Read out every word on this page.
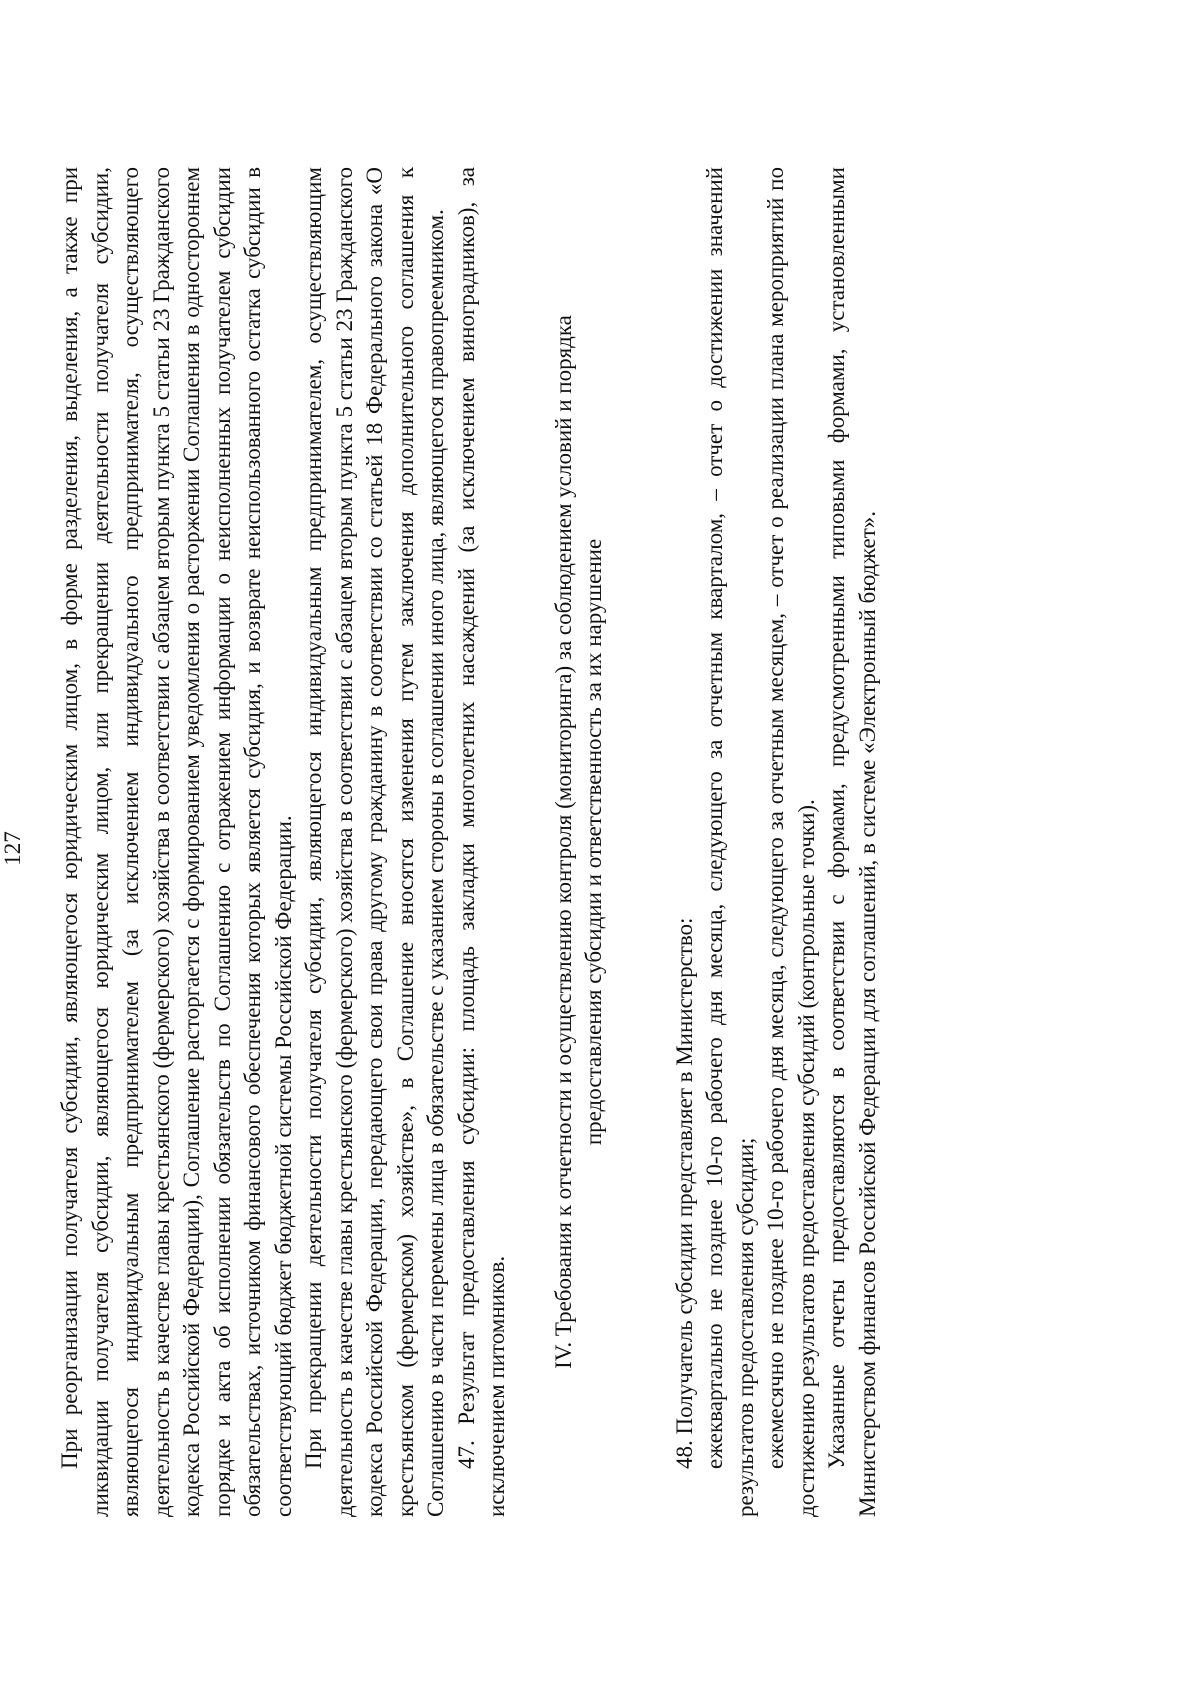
127 При реорганизации получателя субсидии, являющегося юридическим лицом, в форме разделения, выделения, а также при ликвидации получателя субсидии, являющегося юридическим лицом, или прекращении деятельности получателя субсидии, являющегося индивидуальным предпринимателем (за исключением индивидуального предпринимателя, осуществляющего деятельность в качестве главы крестьянского (фермерского) хозяйства в соответствии с абзацем вторым пункта 5 статьи 23 Гражданского кодекса Российской Федерации), Соглашение расторгается с формированием уведомления о расторжении Соглашения в одностороннем порядке и акта об исполнении обязательств по Соглашению с отражением информации о неисполненных получателем субсидии обязательствах, источником финансового обеспечения которых является субсидия, и возврате неиспользованного остатка субсидии в соответствующий бюджет бюджетной системы Российской Федерации. При прекращении деятельности получателя субсидии, являющегося индивидуальным предпринимателем, осуществляющим деятельность в качестве главы крестьянского (фермерского) хозяйства в соответствии с абзацем вторым пункта 5 статьи 23 Гражданского кодекса Российской Федерации, передающего свои права другому гражданину в соответствии со статьей 18 Федерального закона «О крестьянском (фермерском) хозяйстве», в Соглашение вносятся изменения путем заключения дополнительного соглашения к Соглашению в части перемены лица в обязательстве с указанием стороны в соглашении иного лица, являющегося правопреемником. 47. Результат предоставления субсидии: площадь закладки многолетних насаждений (за исключением виноградников), за исключением питомников.

IV. Требования к отчетности и осуществлению контроля (мониторинга) за соблюдением условий и порядка предоставления субсидии и ответственность за их нарушение

48. Получатель субсидии представляет в Министерство: ежеквартально не позднее 10-го рабочего дня месяца, следующего за отчетным кварталом, – отчет о достижении значений результатов предоставления субсидии; ежемесячно не позднее 10-го рабочего дня месяца, следующего за отчетным месяцем, – отчет о реализации плана мероприятий по достижению результатов предоставления субсидий (контрольные точки). Указанные отчеты предоставляются в соответствии с формами, предусмотренными типовыми формами, установленными Министерством финансов Российской Федерации для соглашений, в системе «Электронный бюджет».
